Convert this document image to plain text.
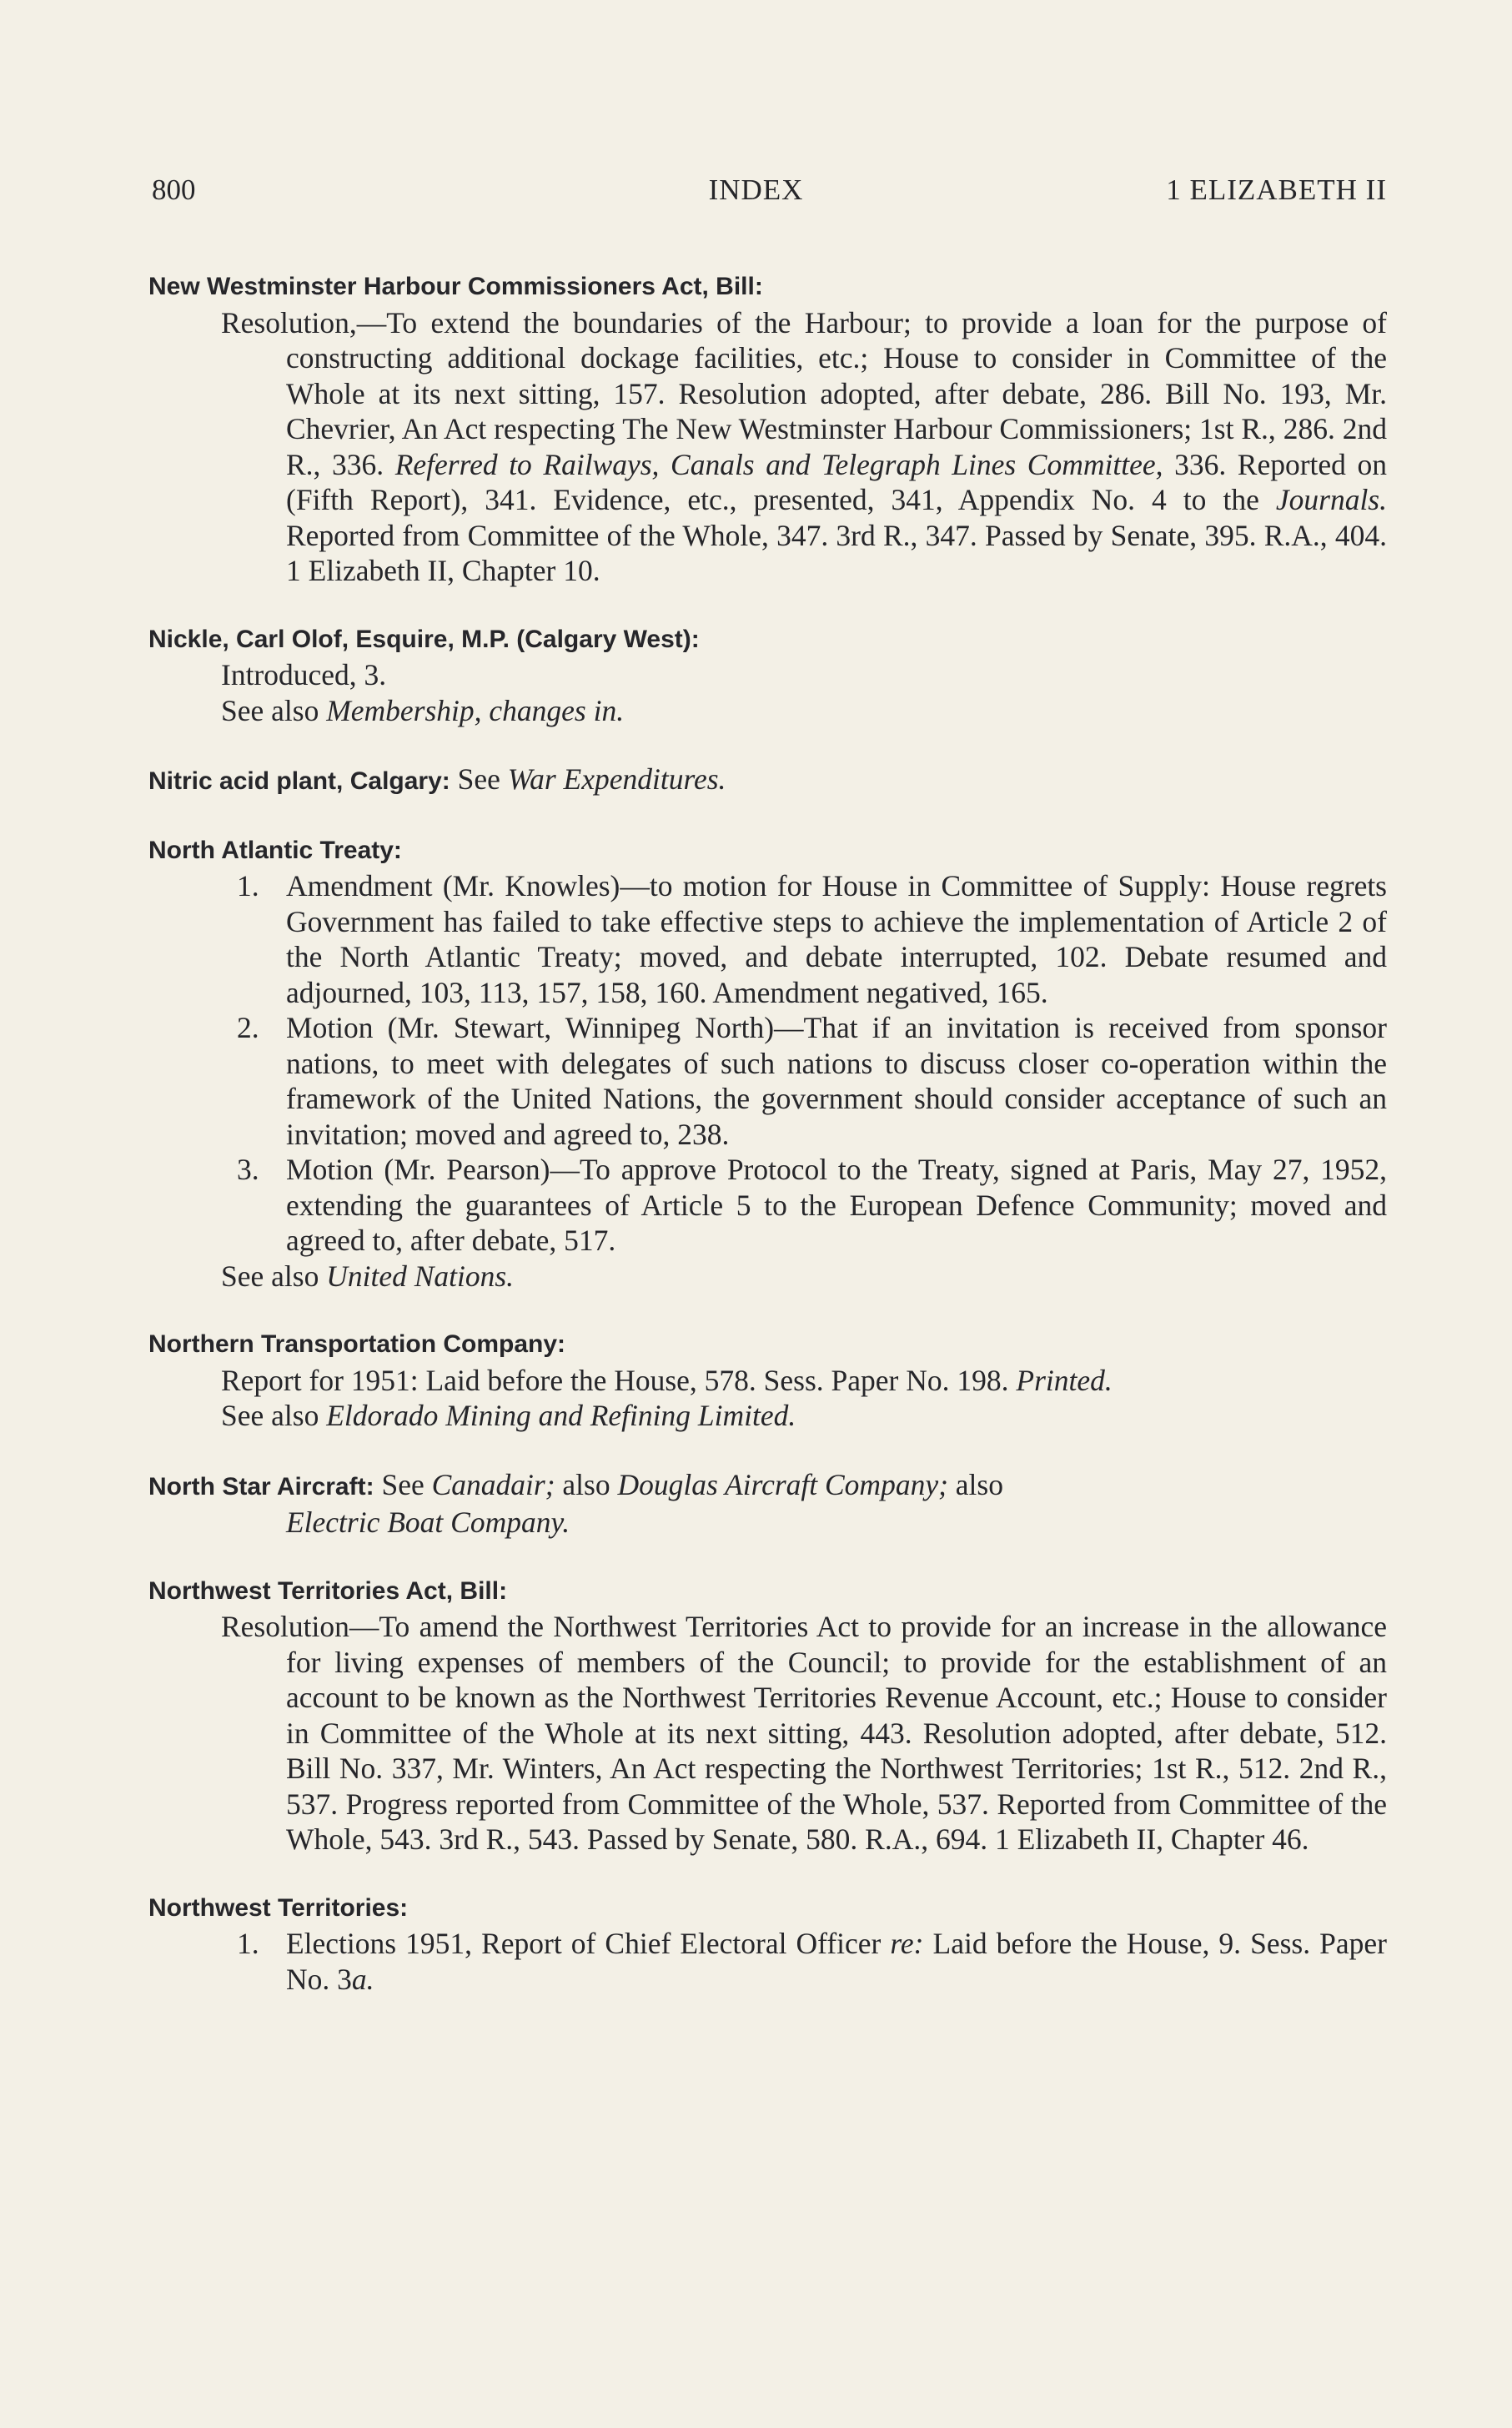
800	INDEX	1 ELIZABETH II
New Westminster Harbour Commissioners Act, Bill:
Resolution,—To extend the boundaries of the Harbour; to provide a loan for the purpose of constructing additional dockage facilities, etc.; House to consider in Committee of the Whole at its next sitting, 157. Resolution adopted, after debate, 286. Bill No. 193, Mr. Chevrier, An Act respecting The New Westminster Harbour Commissioners; 1st R., 286. 2nd R., 336. Referred to Railways, Canals and Telegraph Lines Committee, 336. Reported on (Fifth Report), 341. Evidence, etc., presented, 341, Appendix No. 4 to the Journals. Reported from Committee of the Whole, 347. 3rd R., 347. Passed by Senate, 395. R.A., 404. 1 Elizabeth II, Chapter 10.
Nickle, Carl Olof, Esquire, M.P. (Calgary West):
Introduced, 3.
See also Membership, changes in.
Nitric acid plant, Calgary: See War Expenditures.
North Atlantic Treaty:
1. Amendment (Mr. Knowles)—to motion for House in Committee of Supply: House regrets Government has failed to take effective steps to achieve the implementation of Article 2 of the North Atlantic Treaty; moved, and debate interrupted, 102. Debate resumed and adjourned, 103, 113, 157, 158, 160. Amendment negatived, 165.
2. Motion (Mr. Stewart, Winnipeg North)—That if an invitation is received from sponsor nations, to meet with delegates of such nations to discuss closer co-operation within the framework of the United Nations, the government should consider acceptance of such an invitation; moved and agreed to, 238.
3. Motion (Mr. Pearson)—To approve Protocol to the Treaty, signed at Paris, May 27, 1952, extending the guarantees of Article 5 to the European Defence Community; moved and agreed to, after debate, 517.
See also United Nations.
Northern Transportation Company:
Report for 1951: Laid before the House, 578. Sess. Paper No. 198. Printed.
See also Eldorado Mining and Refining Limited.
North Star Aircraft: See Canadair; also Douglas Aircraft Company; also
Electric Boat Company.
Northwest Territories Act, Bill:
Resolution—To amend the Northwest Territories Act to provide for an increase in the allowance for living expenses of members of the Council; to provide for the establishment of an account to be known as the Northwest Territories Revenue Account, etc.; House to consider in Committee of the Whole at its next sitting, 443. Resolution adopted, after debate, 512. Bill No. 337, Mr. Winters, An Act respecting the Northwest Territories; 1st R., 512. 2nd R., 537. Progress reported from Committee of the Whole, 537. Reported from Committee of the Whole, 543. 3rd R., 543. Passed by Senate, 580. R.A., 694. 1 Elizabeth II, Chapter 46.
Northwest Territories:
1. Elections 1951, Report of Chief Electoral Officer re: Laid before the House, 9. Sess. Paper No. 3a.
